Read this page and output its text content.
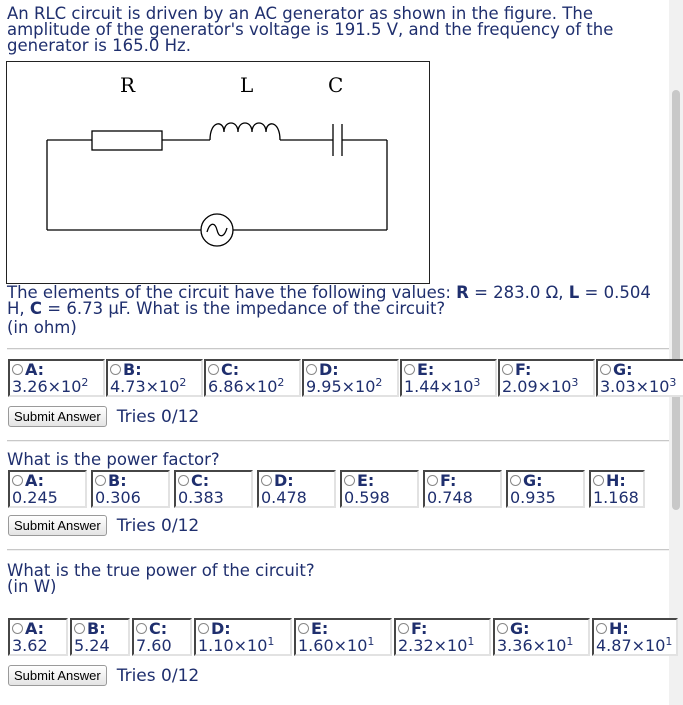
An RLC circuit is driven by an AC generator as shown in the figure. The amplitude of the generator's voltage is 191.5 V, and the frequency of the generator is 165.0 Hz.
R	L	C
The elements of the circuit have the following values: R = 283.0 Ω, L = 0.504 H, C = 6.73 μF. What is the impedance of the circuit?
(in ohm)
A:
$3.26\times 10^2$
B:
$4.73\times 10^2$
C:
$6.86\times 10^2$
D:
$9.95\times 10^2$
E:
$1.44\times 10^3$
F:
$2.09\times 10^3$
G:
$3.03\times 10^3$
Submit Answer Tries 0/12
What is the power factor?
A:
0.245
B:
0.306
C:
0.383
D:
0.478
E:
0.598
F:
0.748
G:
0.935
H:
1.168
Submit Answer Tries 0/12
What is the true power of the circuit?
(in W)
A:
3.62
B:
5.24
C:
7.60
D:
$1.10\times 10^1$
E:
$1.60\times 10^1$
F:
$2.32\times 10^1$
G:
$3.36\times 10^1$
H:
$4.87\times 10^1$
Submit Answer Tries 0/12
